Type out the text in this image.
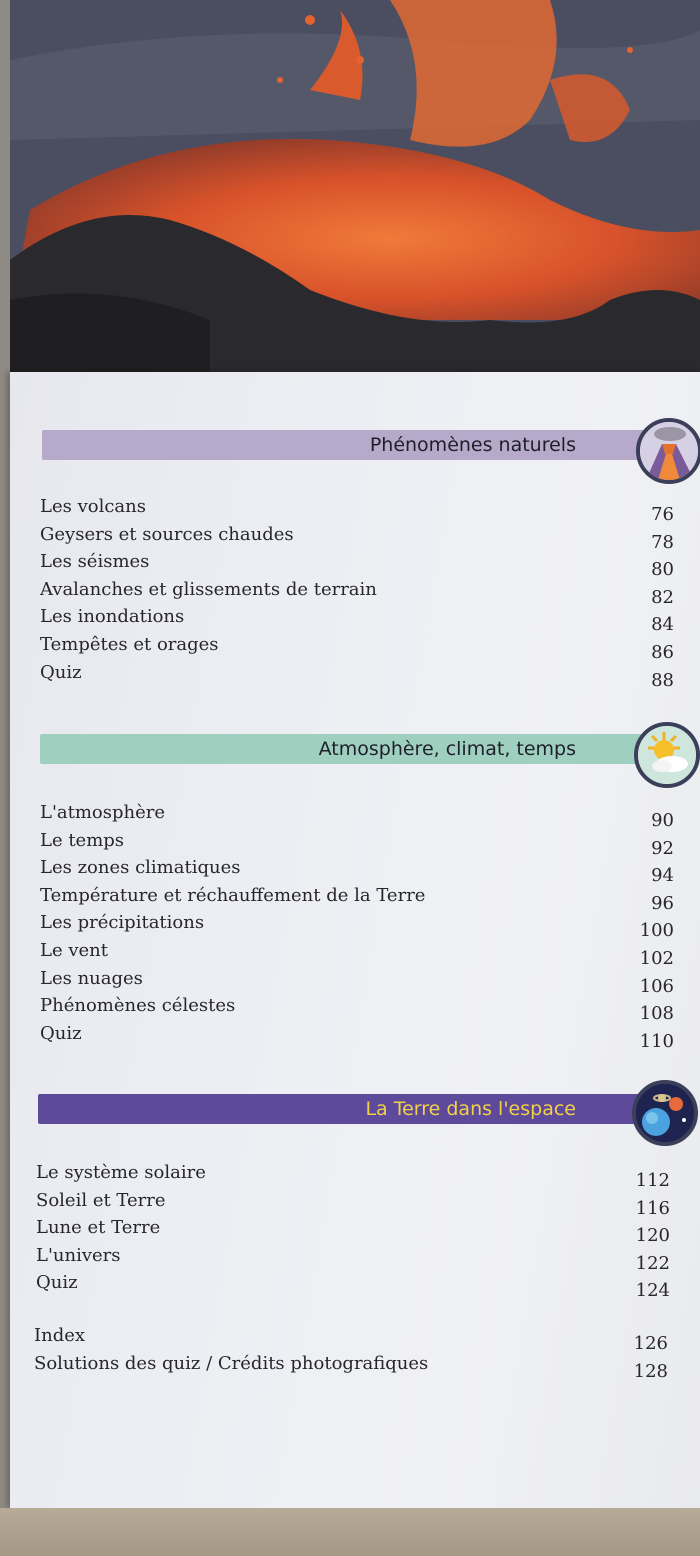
Phénomènes naturels
Les volcans	76
Geysers et sources chaudes	78
Les séismes	80
Avalanches et glissements de terrain	82
Les inondations	84
Tempêtes et orages	86
Quiz	88
Atmosphère, climat, temps
L'atmosphère	90
Le temps	92
Les zones climatiques	94
Température et réchauffement de la Terre	96
Les précipitations	100
Le vent	102
Les nuages	106
Phénomènes célestes	108
Quiz	110
La Terre dans l'espace
Le système solaire	112
Soleil et Terre	116
Lune et Terre	120
L'univers	122
Quiz	124
Index	126
Solutions des quiz / Crédits photografiques	128
